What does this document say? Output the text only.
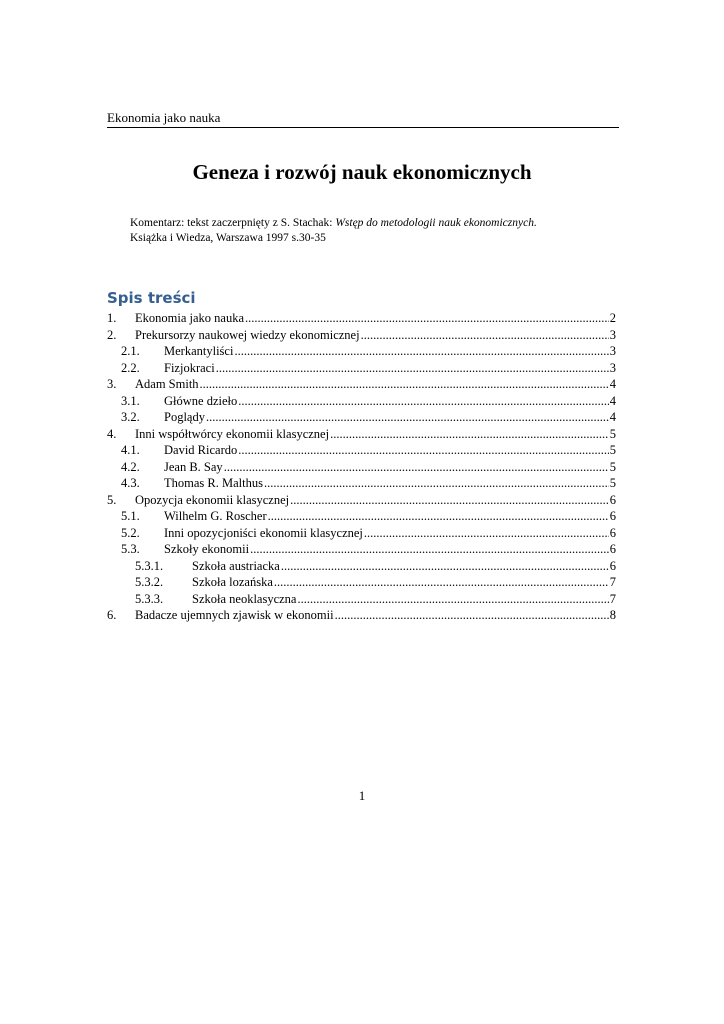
Ekonomia jako nauka
Geneza i rozwój nauk ekonomicznych
Komentarz: tekst zaczerpnięty z S. Stachak: Wstęp do metodologii nauk ekonomicznych.
Książka i Wiedza, Warszawa 1997 s.30-35
Spis treści
1.	Ekonomia jako nauka .....	2
2.	Prekursorzy naukowej wiedzy ekonomicznej .....	3
2.1.	Merkantyliści .....	3
2.2.	Fizjokraci .....	3
3.	Adam Smith .....	4
3.1.	Główne dzieło .....	4
3.2.	Poglądy .....	4
4.	Inni współtwórcy ekonomii klasycznej .....	5
4.1.	David Ricardo .....	5
4.2.	Jean B. Say .....	5
4.3.	Thomas R. Malthus .....	5
5.	Opozycja ekonomii klasycznej .....	6
5.1.	Wilhelm G. Roscher .....	6
5.2.	Inni opozycjoniści ekonomii klasycznej .....	6
5.3.	Szkoły ekonomii .....	6
5.3.1.	Szkoła austriacka .....	6
5.3.2.	Szkoła lozańska .....	7
5.3.3.	Szkoła neoklasyczna .....	7
6.	Badacze ujemnych zjawisk w ekonomii .....	8
1
